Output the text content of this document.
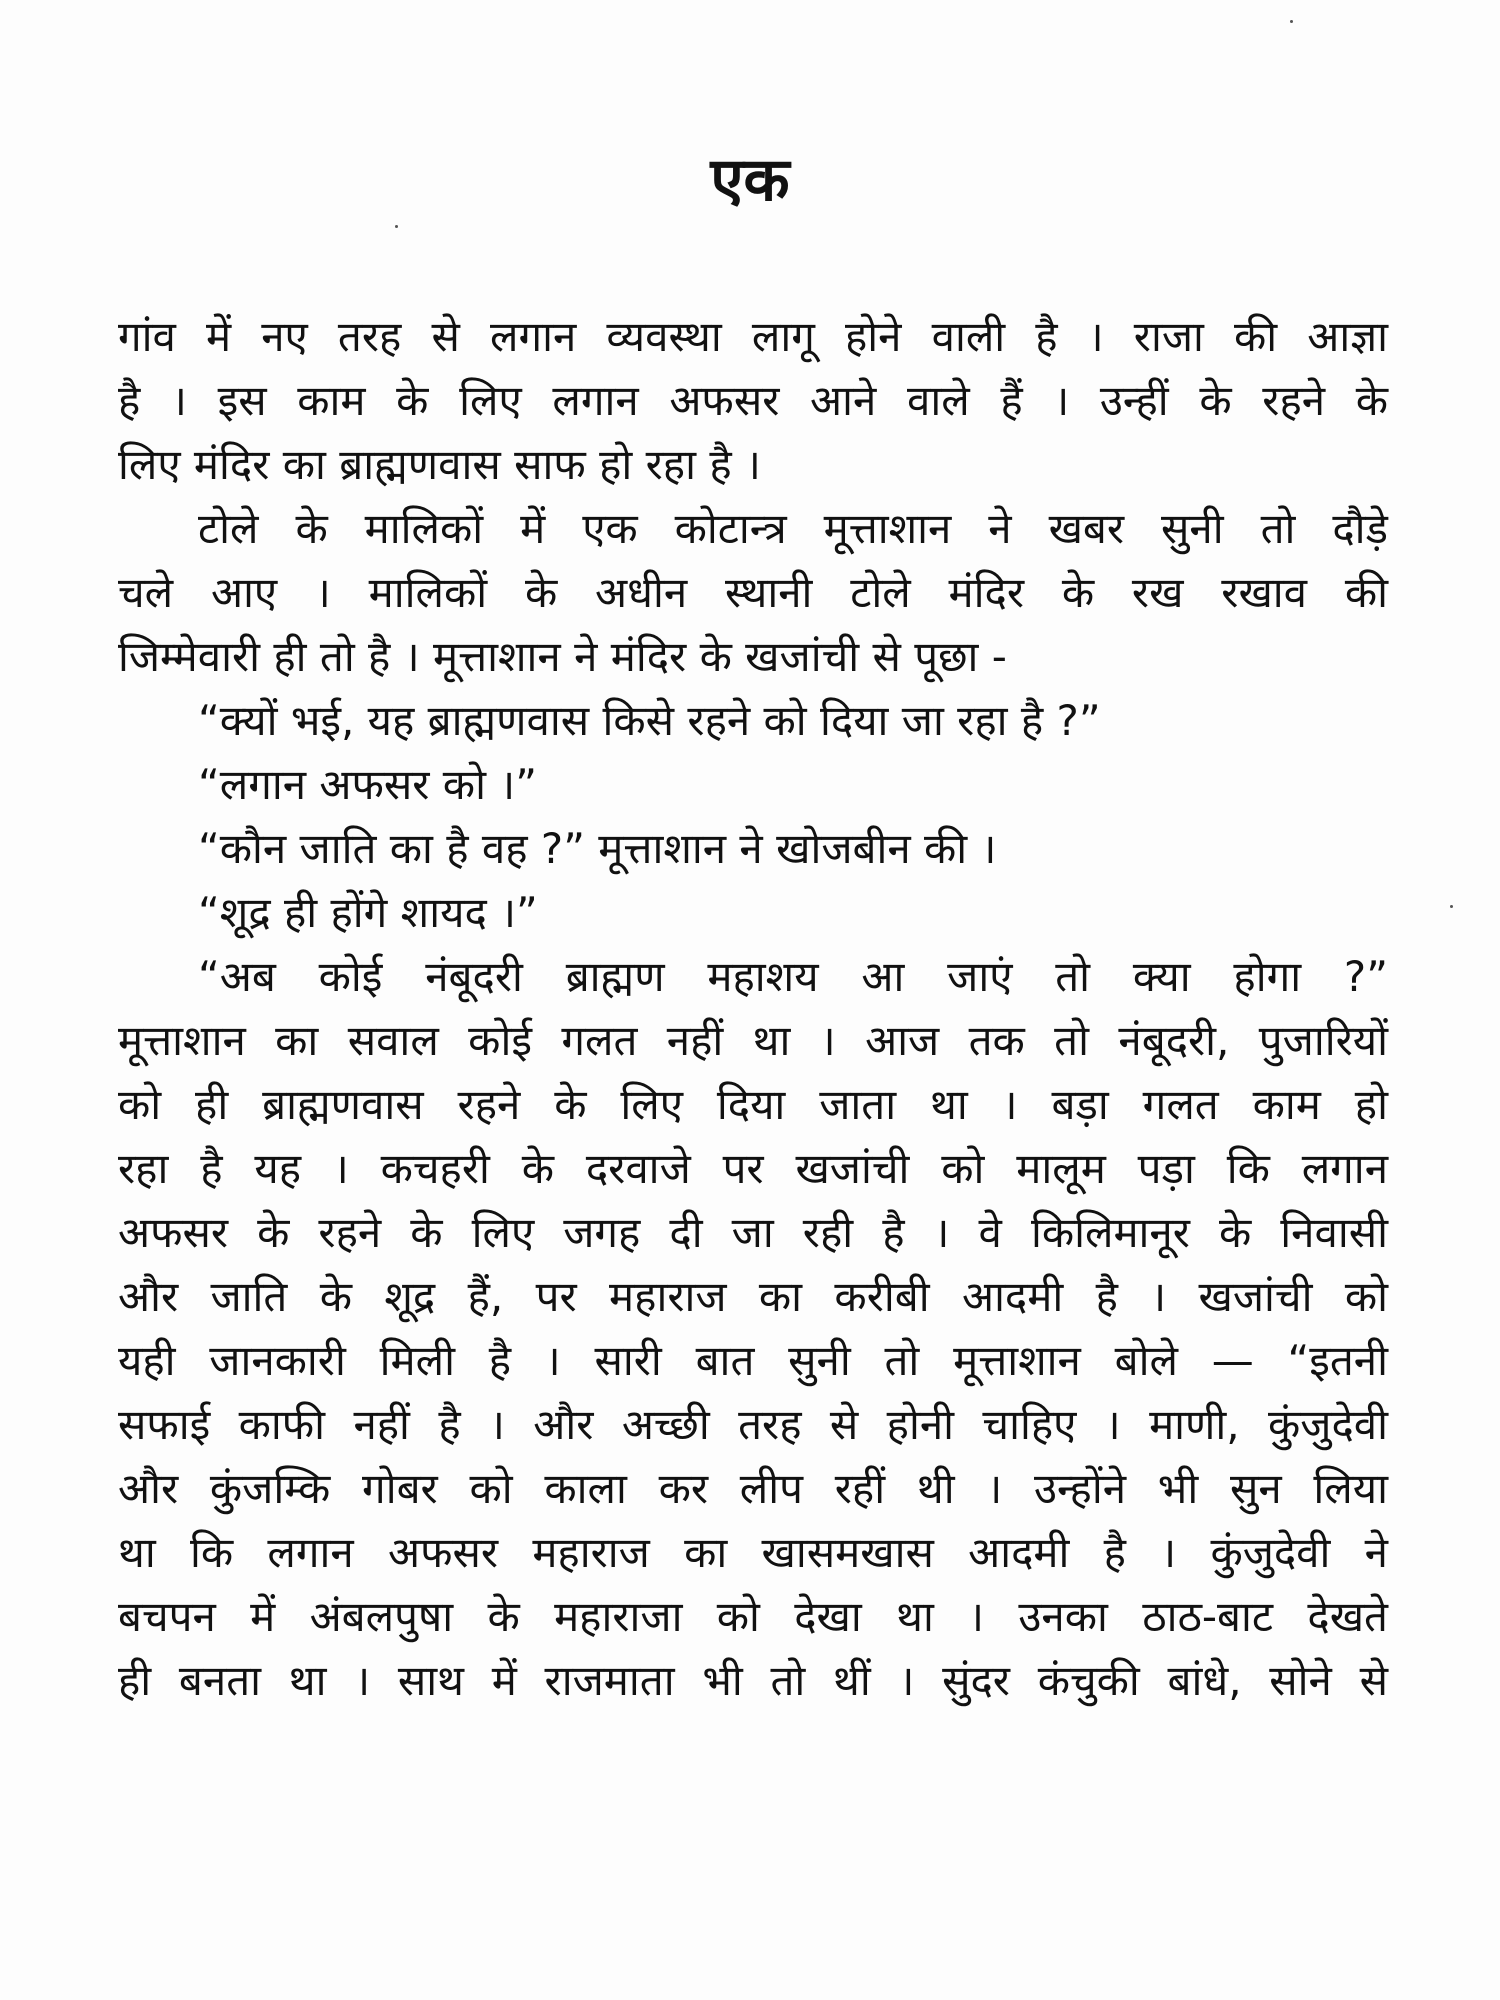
एक
गांव में नए तरह से लगान व्यवस्था लागू होने वाली है । राजा की आज्ञा
है । इस काम के लिए लगान अफसर आने वाले हैं । उन्हीं के रहने के
लिए मंदिर का ब्राह्मणवास साफ हो रहा है ।
टोले के मालिकों में एक कोटान्त्र मूत्ताशान ने खबर सुनी तो दौड़े
चले आए । मालिकों के अधीन स्थानी टोले मंदिर के रख रखाव की
जिम्मेवारी ही तो है । मूत्ताशान ने मंदिर के खजांची से पूछा -
“क्यों भई, यह ब्राह्मणवास किसे रहने को दिया जा रहा है ?”
“लगान अफसर को ।”
“कौन जाति का है वह ?” मूत्ताशान ने खोजबीन की ।
“शूद्र ही होंगे शायद ।”
“अब कोई नंबूदरी ब्राह्मण महाशय आ जाएं तो क्या होगा ?”
मूत्ताशान का सवाल कोई गलत नहीं था । आज तक तो नंबूदरी, पुजारियों
को ही ब्राह्मणवास रहने के लिए दिया जाता था । बड़ा गलत काम हो
रहा है यह । कचहरी के दरवाजे पर खजांची को मालूम पड़ा कि लगान
अफसर के रहने के लिए जगह दी जा रही है । वे किलिमानूर के निवासी
और जाति के शूद्र हैं, पर महाराज का करीबी आदमी है । खजांची को
यही जानकारी मिली है । सारी बात सुनी तो मूत्ताशान बोले — “इतनी
सफाई काफी नहीं है । और अच्छी तरह से होनी चाहिए । माणी, कुंजुदेवी
और कुंजम्कि गोबर को काला कर लीप रहीं थी । उन्होंने भी सुन लिया
था कि लगान अफसर महाराज का खासमखास आदमी है । कुंजुदेवी ने
बचपन में अंबलपुषा के महाराजा को देखा था । उनका ठाठ-बाट देखते
ही बनता था । साथ में राजमाता भी तो थीं । सुंदर कंचुकी बांधे, सोने से
